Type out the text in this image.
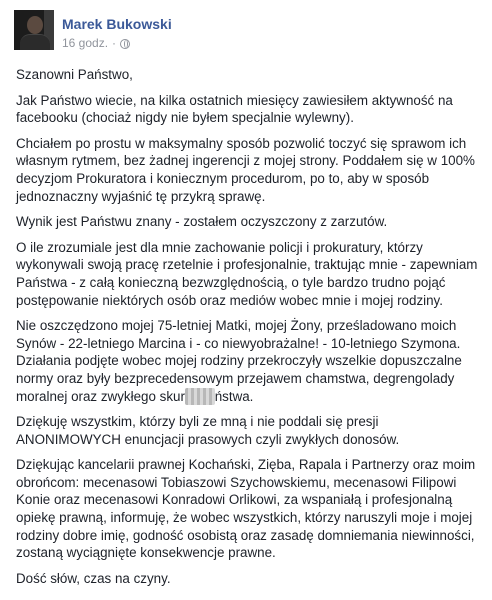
Marek Bukowski
16 godz. ·

Szanowni Państwo,

Jak Państwo wiecie, na kilka ostatnich miesięcy zawiesiłem aktywność na facebooku (chociaż nigdy nie byłem specjalnie wylewny).

Chciałem po prostu w maksymalny sposób pozwolić toczyć się sprawom ich własnym rytmem, bez żadnej ingerencji z mojej strony. Poddałem się w 100% decyzjom Prokuratora i koniecznym procedurom, po to, aby w sposób jednoznaczny wyjaśnić tę przykrą sprawę.

Wynik jest Państwu znany - zostałem oczyszczony z zarzutów.

O ile zrozumiale jest dla mnie zachowanie policji i prokuratury, którzy wykonywali swoją pracę rzetelnie i profesjonalnie, traktując mnie - zapewniam Państwa - z całą konieczną bezwzględnością, o tyle bardzo trudno pojąć postępowanie niektórych osób oraz mediów wobec mnie i mojej rodziny.

Nie oszczędzono mojej 75-letniej Matki, mojej Żony, prześladowano moich Synów - 22-letniego Marcina i - co niewyobrażalne! - 10-letniego Szymona. Działania podjęte wobec mojej rodziny przekroczyły wszelkie dopuszczalne normy oraz były bezprecedensowym przejawem chamstwa, degrengolady moralnej oraz zwykłego skur ństwa.

Dziękuję wszystkim, którzy byli ze mną i nie poddali się presji ANONIMOWYCH enuncjacji prasowych czyli zwykłych donosów.

Dziękując kancelarii prawnej Kochański, Zięba, Rapala i Partnerzy oraz moim obrońcom: mecenasowi Tobiaszowi Szychowskiemu, mecenasowi Filipowi Konie oraz mecenasowi Konradowi Orlikowi, za wspaniałą i profesjonalną opiekę prawną, informuję, że wobec wszystkich, którzy naruszyli moje i mojej rodziny dobre imię, godność osobistą oraz zasadę domniemania niewinności, zostaną wyciągnięte konsekwencje prawne.

Dość słów, czas na czyny.
